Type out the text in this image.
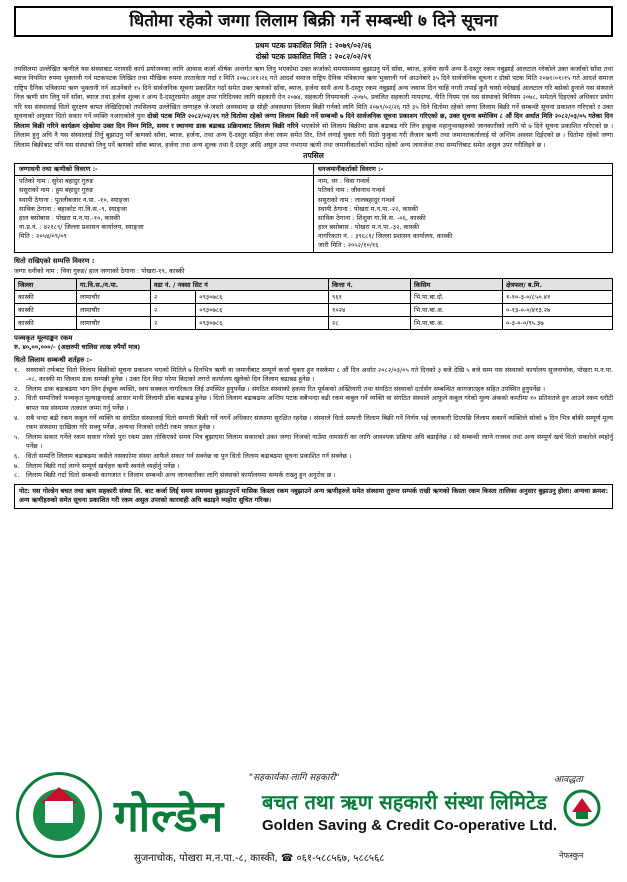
धितोमा रहेको जग्गा लिलाम बिक्री गर्ने सम्बन्धी ७ दिने सूचना
प्रथम पटक प्रकाशित मिति : २०७९/०२/२६
दोस्रो पटक प्रकाशित मिति : २०८२/०२/२९
तपसिलमा उल्लेखित ऋणीले यस संस्थाबाट परायसी कार्य प्रयोजनका लागि आवास कर्जा शीर्षक अन्तर्गत ऋण लिनु भएकोमा उक्त कर्जाको समयसम्यमा बुझाउनु पर्ने साँवा, ब्याज, हर्जना साथै अन्य दै-दस्तुर रकम नबुझाई आलटाल गरेकोले उक्त कर्जाको साँवा तथा ब्याज नियमित रुपमा भुक्तानी गर्न पटकपटक लिखित तथा मौखिक रुपमा तरताकेता गर्दा र मिति २०७८।११।२६ गते आदर्श समाज राष्ट्रिय दैनिक पत्रिकामा ऋण भुक्तानी गर्न आउनेबारे ३५ दिने सार्वजनिक सूचना र दोस्रो पटक मिति २०७९।०१।१५ गते आदर्श समाज राष्ट्रिय दैनिक पत्रिकामा ऋण भुक्तानी गर्न आउनेबारे १५ दिने सार्वजनिक सूचना प्रकाशित गर्दा समेत उक्त ऋणको साँवा, ब्याज, हर्जना साथै अन्य दै-दस्तुर रकम नबुझाई अन्य जवाफ दिन चाहि नगरी तपाई कुनै चासो नदेखाई आलटाल गरि बसेको हुनाले यस संस्थाले निज ऋणी संग लिनु पर्ने साँवा, ब्याज तथा हर्जना शुल्क र अन्य दै-दस्तुरसमेत असुल उपर गरिदिनका लागि सहकारी ऐन २०७४, सहकारी नियमावली -२०७५, प्रचलित सहकारी मापदण्ड, नीति नियम एवं यस संस्थाको विनियम २०७८, समेतले दिइएको अधिकार प्रयोग गरि यस संस्थालाई धितो सुरक्षण बापत लेखिदिएको तपसिलमा उल्लेखित जग्गाहरु जे-जस्तो अवस्थामा छ सोही अवस्थामा लिलाम बिक्री गर्नको लागि मिति २०७९/०२/२६ गते ३५ दिने धितोमा रहेको जग्गा लिलाम बिक्री गर्ने सम्बन्धी सूचना प्रकाशन गरिएको र उक्त सूचनाको अनुसार धितो सकार गर्ने व्यक्ति नआएकोले पुनः दोस्रो पटक मिति २०८२/०२/२९ गते धितोमा रहेको जग्गा लिलाम बिक्री गर्ने सम्बन्धी ७ दिने सार्वजनिक सूचना प्रकाशन गरिएको छ, उक्त सूचना बमोजिम ८ औं दिन अर्थात मिति २०८२/०३/०५ गतेका दिन लिलाम बिक्री गरिने कार्यक्रम रहेकोमा उक्त दिन निम्न मिति, समय र स्थानमा डाक बढाबढ प्रक्रियाबाट लिलाम बिक्री गरिने भएकोले सो लिलाम बिक्रीमा डाक बढाबढ गरि लिन इच्छुक महानुभावहरुको जानकारीको लागि यो ७ दिने सूचना प्रकाशित गरिएको छ । लिलाम हुनु अघि नै यस संस्थालाई तिर्नु बुझाउनु पर्ने ऋणको साँवा, ब्याज, हर्जना, तथा अन्य दै-दस्तुर सहित लेना रकम समेत तिर, तिर्न लगाई चुक्ता गरी धितो फुकुवा गरी लैजान ऋणी तथा जमानतकर्तालाई यो अन्तिम अवसर दिईएको छ । धितोमा रहेको जग्गा लिलाम बिक्रीबाट पनि यस संस्थाको लिनु पर्ने ऋणको साँवा ब्याज, हर्जना तथा अन्य शुल्क तथा दै दस्तुर आदि असुल उपर नभएमा ऋणी तथा जमानीकर्ताको नाउँमा रहेको अन्य जायजेथा तथा सम्पत्तिबाट समेत असुल उपर गरीलिइने छ ।
तपसिल
जग्गाधनी तथा ऋणीको विवरण :-
पतिको नाम : सुरेश बहादुर गुरुङ
ससुराको नाम : हुम बहादुर गुरुङ
स्थायी ठेगाना : पुतलीबजार न.पा. -१०, स्याङ्जा
साविक ठेगाना : बहाकोट गा.वि.स.-९, स्याङ्जा
हाल बसोबास : पोखरा म.न.पा.-१०, कास्की
ना.प्र.नं. : ४२१८९/ जिल्ला प्रशासन कार्यालय, स्याङ्जा
मिति : २०५४/०९/०९
धनजमानीकर्ताको विवरण :-
नाम, थर : विवा गन्धर्व
पतिको नाम : जीवनाथ गन्धर्व
ससुराको नाम : लालबहादुर गन्धर्व
स्थायी ठेगाना : पोखरा म.न.पा.-२२, कास्की
साविक ठेगाना : शिशुवा गा.वि.स. -०६, कास्की
हाल बसोबास : पोखरा म.न.पा.-३२, कास्की
नागरिकता नं. : ३९६८१/ जिल्ला प्रशासन कार्यालय, कास्की
जारी मिति : २०५२/१०/१६
धितो राखिएको सम्पत्ति विवरण :
जग्गा धनीको नाम : विना गुरुङ/ हाल जग्गाको ठेगाना : पोखरा-१९, कास्की
जिल्ला	गा.वि.स./न.पा.	वडा नं. / नक्सा सिट नं		कित्ता नं.	किसिम	क्षेत्रफल/ ब.मि.
कास्की	लामाचौर	२	०९३०७८६	९६१	भि.पा.बा.दो.	१-१०-३-०/८५०.४१
कास्की	लामाचौर	२	०९३०७८६	१०२४	भि.पा.बा.अ.	०-१३-०-०/४१३.२७
कास्की	लामाचौर	२	०९३०७८६	२८	भि.पा.बा.अ.	०-३-०-०/९५.३७
पञ्चकृत मूल्याङ्कन रकम
रु. ४०,००,०००/- (अक्षरुपी चालिस लाख रुपैयाँ मात्र)
धितो लिलाम सम्बन्धी शर्तहरु :-
१.	संस्थाको तर्फबाट धितो लिलाम बिक्रीको सूचना प्रकाशन भएको मितिले ७ दिनभित्र ऋणी वा जमानीबाट सम्पूर्ण कर्जा चुक्ता हुन नसकेमा ८ औं दिन अर्थात २०८२/०३/०५ गते दिनको ३ बजे देखि ५ बजे सम्म यस संस्थाको कार्यालय सुजनाचोक, पोखरा म.न.पा. -०८, कास्की मा लिलाम डाक सम्पन्नी हुनेछ । उक्त दिन विदा परेमा बिदाको लगत्ते कार्यालय खुलेको दिन लिलाम बढाबढ हुनेछ ।
२.	लिलाम डाक बढाबढमा भाग लिन ईच्छुक व्यक्ति, स्वयं सक्कल नागरिकता लिई उपस्थित हुनुपर्नेछ । संगठित संस्थाको हकमा रित पूर्वकको अख्तियारी तथा संगठित संस्थाको दर्तासँग सम्बन्धित कागजातहरु सहित उपस्थित हुनुपर्नेछ ।
३.	धितो सम्पत्तिको पञ्चकृत मूल्याङ्कनलाई आधार मानी लिलामी डाँक बढाबढ हुनेछ । धितो लिलाम बढाबढमा अन्तिम पटक सबैभन्दा बढी रकम कबुल गर्ने व्यक्ति वा संगठित संस्थाले आफूले कबुल गरेको मूल्य अंकको कम्तीमा १० प्रतिशतले हुन आउने रकम धरौटी बापत यस संस्थामा तत्काल जम्मा गर्नु पर्नेछ ।
४.	सबै भन्दा बढी रकम कबुल गर्ने व्यक्ति वा संगठित संस्थालाई धितो सम्पत्ती बिक्री गर्ने नगर्ने अधिकार संस्थामा सुरक्षित रहनेछ । संस्थाले धितो सम्पत्ती लिलाम बिक्री गर्ने निर्णय भई जानकारी दिएपछि लिलाम सकार्ने व्यक्तिले सोको ७ दिन भित्र बाँकी सम्पूर्ण मूल्य रकम संस्थामा दाखिला गरि सक्नु पर्नेछ, अन्यथा निजको धरौटी रकम जफत हुनेछ ।
५.	लिलाम सकार गर्नेले रकम सकार गरेको पुरा रकम उक्त तोकिएको समय भित्र बुझाएमा लिलाम सकारको उक्त जग्गा निजको नाउँमा नामसारी का लागि आवश्यक प्रक्रिया अघि बढाईनेछ । सो सम्बन्धी लाग्ने राजस्व तथा अन्य सम्पूर्ण खर्च धितो सकारेले व्यहोर्नु पर्नेछ ।
६.	धितो सम्पत्ति लिलाम बढाबढमा कसैले नसकारेमा संस्था आफैले सकार गर्न सक्नेछ वा पुन धितो लिलाम बढाबढमा सूचना प्रकाशित गर्न सक्नेछ ।
७.	लिलाम बिक्री गर्दा लाग्ने सम्पूर्ण खर्चहरु ऋणी स्वयंले व्यहोर्नु पर्नेछ ।
८.	लिलाम बिक्री गर्दा धितो सम्बन्धी कागजात र लिलाम सम्बन्धी अन्य जानकारीका लागि संस्थाको कार्यालयमा सम्पर्क राख्नु हुन अनुरोध छ ।
नोट: यस गोल्डेन बचत तथा ऋण सहकारी संस्था लि. बाट कर्जा लिई समय समयमा बुझाउनुपर्ने मासिक किस्ता रकम नबुझाउने अन्य ऋणीहरुले समेत संस्थामा तुरुन्त सम्पर्क राखी ऋणको किस्ता रकम किस्ता तालिका अनुसार बुझाउनु होला। अन्यथा क्रमश: अन्य ऋणीहरुको समेत सूचना प्रकाशित गरी रकम असुल उपरको कारवाही अघि बढाइने व्यहोरा सुचित गरिन्छ।
"सहकार्यका लागि सहकारी"
गोल्डेन बचत तथा ऋण सहकारी संस्था लिमिटेड
Golden Saving & Credit Co-operative Ltd.
सुजनाचोक, पोखरा म.न.पा.-८, कास्की, ☎ ०६१-५८८५६७, ५८८५६८
आवद्धता
नेफस्कुन
